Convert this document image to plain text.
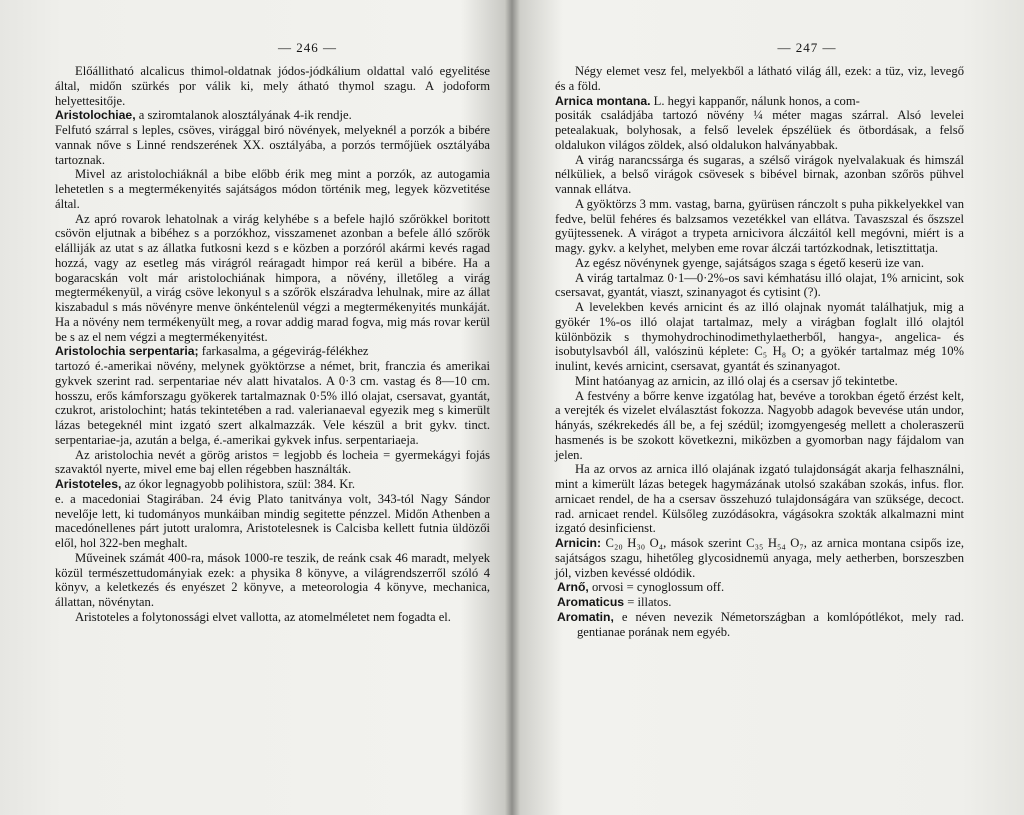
— 246 —

Előállitható alcalicus thimol-oldatnak jódos-jódkálium oldattal való egyelitése által, midőn szürkés por válik ki, mely átható thymol szagu. A jodoform helyettesitője.

Aristolochiae, a sziromtalanok alosztályának 4-ik rendje.

Felfutó szárral s leples, csöves, virággal biró növények, melyeknél a porzók a bibére vannak nőve s Linné rendszerének XX. osztályába, a porzós termőjüek osztályába tartoznak.

Mivel az aristolochiáknál a bibe előbb érik meg mint a porzók, az autogamia lehetetlen s a megtermékenyités sajátságos módon történik meg, legyek közvetitése által.

Az apró rovarok lehatolnak a virág kelyhébe s a befele hajló szőrökkel boritott csövön eljutnak a bibéhez s a porzókhoz, visszamenet azonban a befele álló szőrök elálliják az utat s az állatka futkosni kezd s e közben a porzóról akármi kevés ragad hozzá, vagy az esetleg más virágról reáragadt himpor reá kerül a bibére. Ha a bogaracskán volt már aristolochiának himpora, a növény, illetőleg a virág megtermékenyül, a virág csöve lekonyul s a szőrök elszáradva lehulnak, mire az állat kiszabadul s más növényre menve önkéntelenül végzi a megtermékenyités munkáját. Ha a növény nem termékenyült meg, a rovar addig marad fogva, mig más rovar kerül be s az el nem végzi a megtermékenyitést.

Aristolochia serpentaria; farkasalma, a gégevirág-félékhez

tartozó é.-amerikai növény, melynek gyöktörzse a német, brit, franczia és amerikai gykvek szerint rad. serpentariae név alatt hivatalos. A 0·3 cm. vastag és 8—10 cm. hosszu, erős kámforszagu gyökerek tartalmaznak 0·5% illó olajat, csersavat, gyantát, czukrot, aristolochint; hatás tekintetében a rad. valerianaeval egyezik meg s kimerült lázas betegeknél mint izgató szert alkalmazzák. Vele készül a brit gykv. tinct. serpentariae-ja, azután a belga, é.-amerikai gykvek infus. serpentariaeja.

Az aristolochia nevét a görög aristos = legjobb és locheia = gyermekágyi fojás szavaktól nyerte, mivel eme baj ellen régebben használták.

Aristoteles, az ókor legnagyobb polihistora, szül: 384. Kr.

e. a macedoniai Stagirában. 24 évig Plato tanitványa volt, 343-tól Nagy Sándor nevelője lett, ki tudományos munkáiban mindig segitette pénzzel. Midőn Athenben a macedónellenes párt jutott uralomra, Aristotelesnek is Calcisba kellett futnia üldözői elől, hol 322-ben meghalt.

Műveinek számát 400-ra, mások 1000-re teszik, de reánk csak 46 maradt, melyek közül természettudományiak ezek: a physika 8 könyve, a világrendszerről szóló 4 könyv, a keletkezés és enyészet 2 könyve, a meteorologia 4 könyve, mechanica, állattan, növénytan.

Aristoteles a folytonossági elvet vallotta, az atomelméletet nem fogadta el.

— 247 —

Négy elemet vesz fel, melyekből a látható világ áll, ezek: a tüz, viz, levegő és a föld.

Arnica montana. L. hegyi kappanőr, nálunk honos, a com-

positák családjába tartozó növény ¼ méter magas szárral. Alsó levelei petealakuak, bolyhosak, a felső levelek épszélüek és ötbordásak, a felső oldalukon világos zöldek, alsó oldalukon halványabbak.

A virág narancssárga és sugaras, a szélső virágok nyelvalakuak és himszál nélküliek, a belső virágok csövesek s bibével birnak, azonban szőrös pühvel vannak ellátva.

A gyöktörzs 3 mm. vastag, barna, gyürüsen ránczolt s puha pikkelyekkel van fedve, belül fehéres és balzsamos vezetékkel van ellátva. Tavaszszal és őszszel gyüjtessenek. A virágot a trypeta arnicivora álczáitól kell megóvni, miért is a magy. gykv. a kelyhet, melyben eme rovar álczái tartózkodnak, letisztittatja.

Az egész növénynek gyenge, sajátságos szaga s égető keserü ize van.

A virág tartalmaz 0·1—0·2%-os savi kémhatásu illó olajat, 1% arnicint, sok csersavat, gyantát, viaszt, szinanyagot és cytisint (?).

A levelekben kevés arnicint és az illó olajnak nyomát találhatjuk, mig a gyökér 1%-os illó olajat tartalmaz, mely a virágban foglalt illó olajtól különbözik s thymohydrochinodimethylaetherből, hangya-, angelica- és isobutylsavból áll, valószinü képlete: C₅ H₈ O; a gyökér tartalmaz még 10% inulint, kevés arnicint, csersavat, gyantát és szinanyagot.

Mint hatóanyag az arnicin, az illó olaj és a csersav jő tekintetbe.

A festvény a bőrre kenve izgatólag hat, bevéve a torokban égető érzést kelt, a verejték és vizelet elválasztást fokozza. Nagyobb adagok bevevése után undor, hányás, székrekedés áll be, a fej szédül; izomgyengeség mellett a choleraszerü hasmenés is be szokott következni, miközben a gyomorban nagy fájdalom van jelen.

Ha az orvos az arnica illó olajának izgató tulajdonságát akarja felhasználni, mint a kimerült lázas betegek hagymázának utolsó szakában szokás, infus. flor. arnicaet rendel, de ha a csersav összehuzó tulajdonságára van szüksége, decoct. rad. arnicaet rendel. Külsőleg zuzódásokra, vágásokra szokták alkalmazni mint izgató desinficienst.

Arnicin: C₂₀ H₃₀ O₄, mások szerint C₃₅ H₅₄ O₇, az arnica montana csipős ize, sajátságos szagu, hihetőleg glycosidnemü anyaga, mely aetherben, borszeszben jól, vizben kevéssé oldódik.

Arnő, orvosi = cynoglossum off.

Aromaticus = illatos.

Aromatin, e néven nevezik Németországban a komlópótlékot, mely rad. gentianae porának nem egyéb.
